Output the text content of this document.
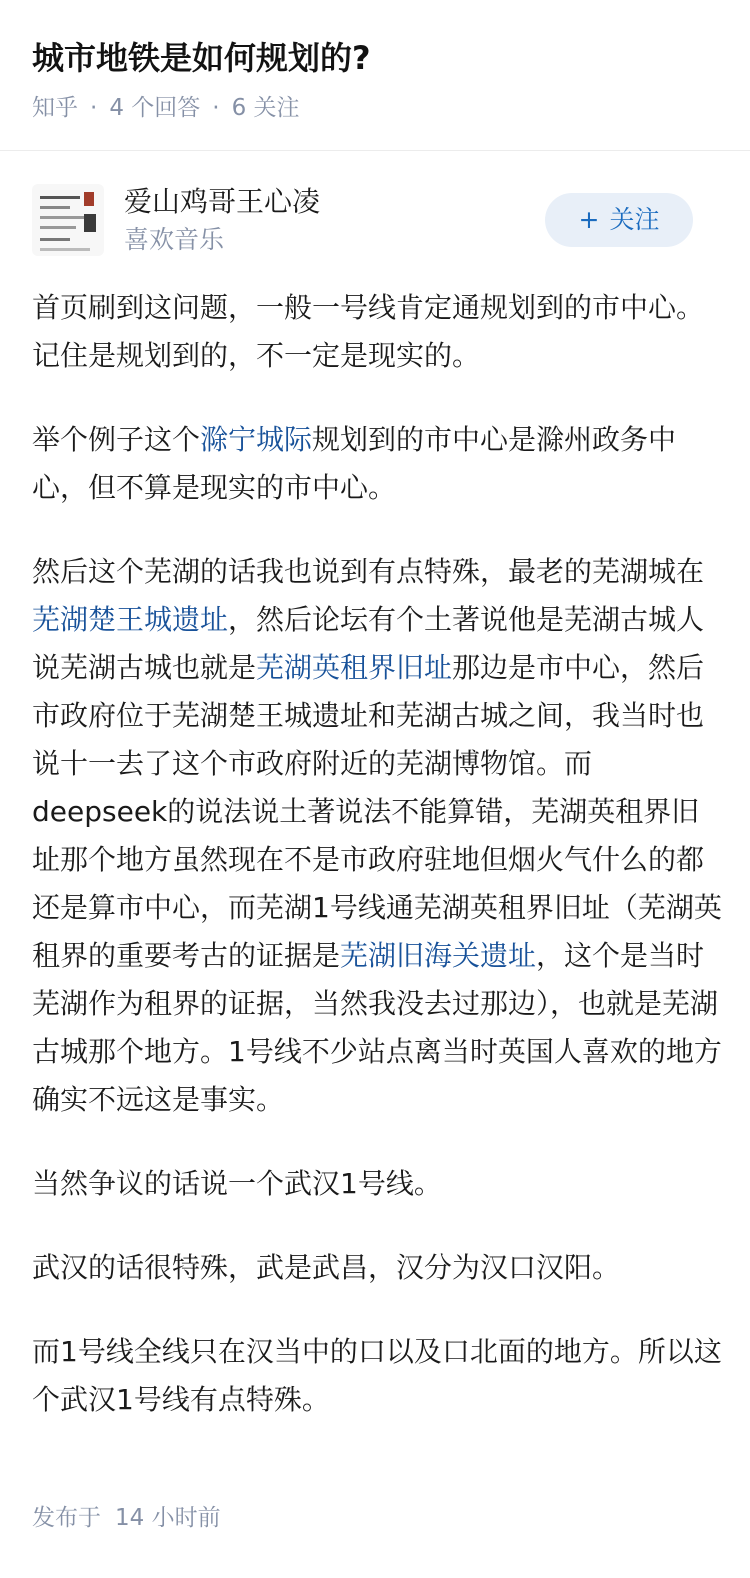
城市地铁是如何规划的?
知乎 · 4 个回答 · 6 关注
爱山鸡哥王心凌
喜欢音乐
+ 关注

首页刷到这问题，一般一号线肯定通规划到的市中心。记住是规划到的，不一定是现实的。

举个例子这个滁宁城际规划到的市中心是滁州政务中心，但不算是现实的市中心。

然后这个芜湖的话我也说到有点特殊，最老的芜湖城在芜湖楚王城遗址，然后论坛有个土著说他是芜湖古城人说芜湖古城也就是芜湖英租界旧址那边是市中心，然后市政府位于芜湖楚王城遗址和芜湖古城之间，我当时也说十一去了这个市政府附近的芜湖博物馆。而deepseek的说法说土著说法不能算错，芜湖英租界旧址那个地方虽然现在不是市政府驻地但烟火气什么的都还是算市中心，而芜湖1号线通芜湖英租界旧址（芜湖英租界的重要考古的证据是芜湖旧海关遗址，这个是当时芜湖作为租界的证据，当然我没去过那边），也就是芜湖古城那个地方。1号线不少站点离当时英国人喜欢的地方确实不远这是事实。

当然争议的话说一个武汉1号线。

武汉的话很特殊，武是武昌，汉分为汉口汉阳。

而1号线全线只在汉当中的口以及口北面的地方。所以这个武汉1号线有点特殊。

发布于 14 小时前
